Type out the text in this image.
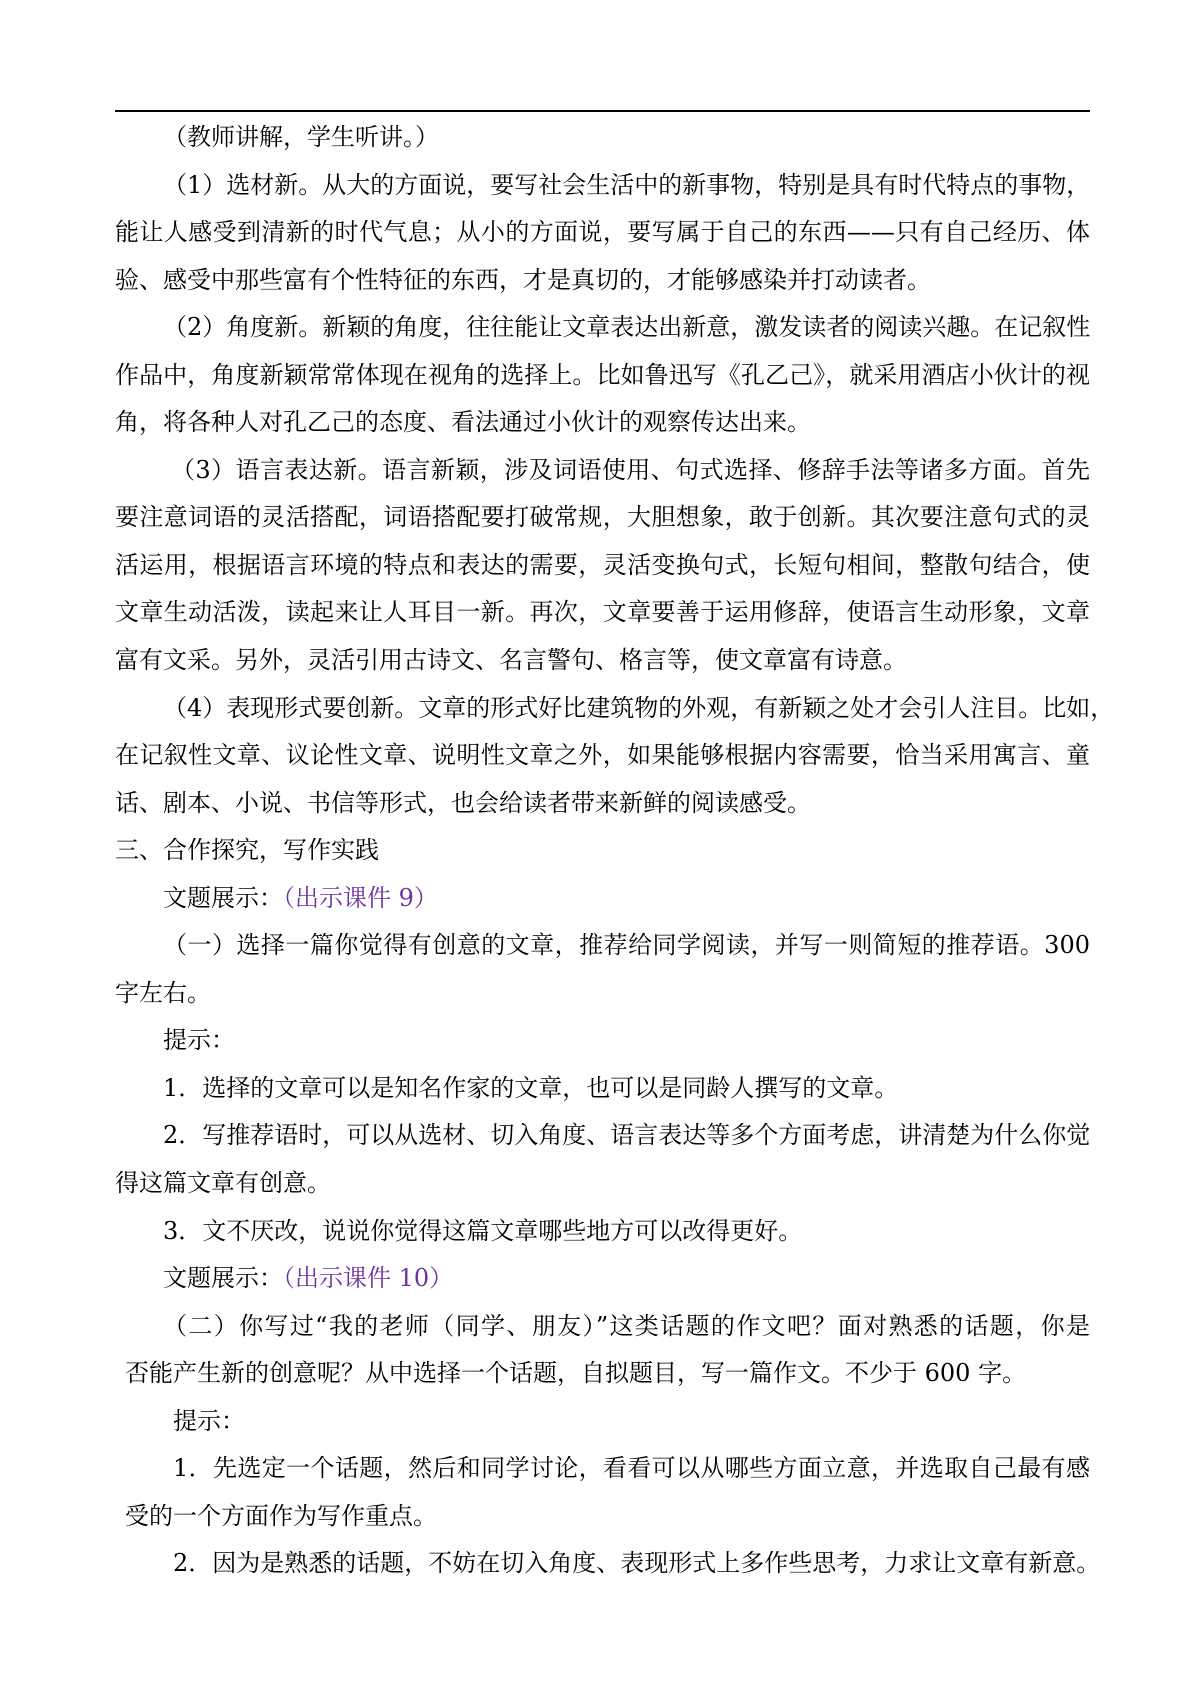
（教师讲解，学生听讲。）
（1）选材新。从大的方面说，要写社会生活中的新事物，特别是具有时代特点的事物，
能让人感受到清新的时代气息；从小的方面说，要写属于自己的东西——只有自己经历、体
验、感受中那些富有个性特征的东西，才是真切的，才能够感染并打动读者。
（2）角度新。新颖的角度，往往能让文章表达出新意，激发读者的阅读兴趣。在记叙性
作品中，角度新颖常常体现在视角的选择上。比如鲁迅写《孔乙己》，就采用酒店小伙计的视
角，将各种人对孔乙己的态度、看法通过小伙计的观察传达出来。
（3）语言表达新。语言新颖，涉及词语使用、句式选择、修辞手法等诸多方面。首先
要注意词语的灵活搭配，词语搭配要打破常规，大胆想象，敢于创新。其次要注意句式的灵
活运用，根据语言环境的特点和表达的需要，灵活变换句式，长短句相间，整散句结合，使
文章生动活泼，读起来让人耳目一新。再次，文章要善于运用修辞，使语言生动形象，文章
富有文采。另外，灵活引用古诗文、名言警句、格言等，使文章富有诗意。
（4）表现形式要创新。文章的形式好比建筑物的外观，有新颖之处才会引人注目。比如，
在记叙性文章、议论性文章、说明性文章之外，如果能够根据内容需要，恰当采用寓言、童
话、剧本、小说、书信等形式，也会给读者带来新鲜的阅读感受。
三、合作探究，写作实践
文题展示：（出示课件 9）
（一）选择一篇你觉得有创意的文章，推荐给同学阅读，并写一则简短的推荐语。300
字左右。
提示：
1．选择的文章可以是知名作家的文章，也可以是同龄人撰写的文章。
2．写推荐语时，可以从选材、切入角度、语言表达等多个方面考虑，讲清楚为什么你觉
得这篇文章有创意。
3．文不厌改，说说你觉得这篇文章哪些地方可以改得更好。
文题展示：（出示课件 10）
（二）你写过“我的老师（同学、朋友）”这类话题的作文吧？面对熟悉的话题，你是
否能产生新的创意呢？从中选择一个话题，自拟题目，写一篇作文。不少于 600 字。
提示：
1．先选定一个话题，然后和同学讨论，看看可以从哪些方面立意，并选取自己最有感
受的一个方面作为写作重点。
2．因为是熟悉的话题，不妨在切入角度、表现形式上多作些思考，力求让文章有新意。
